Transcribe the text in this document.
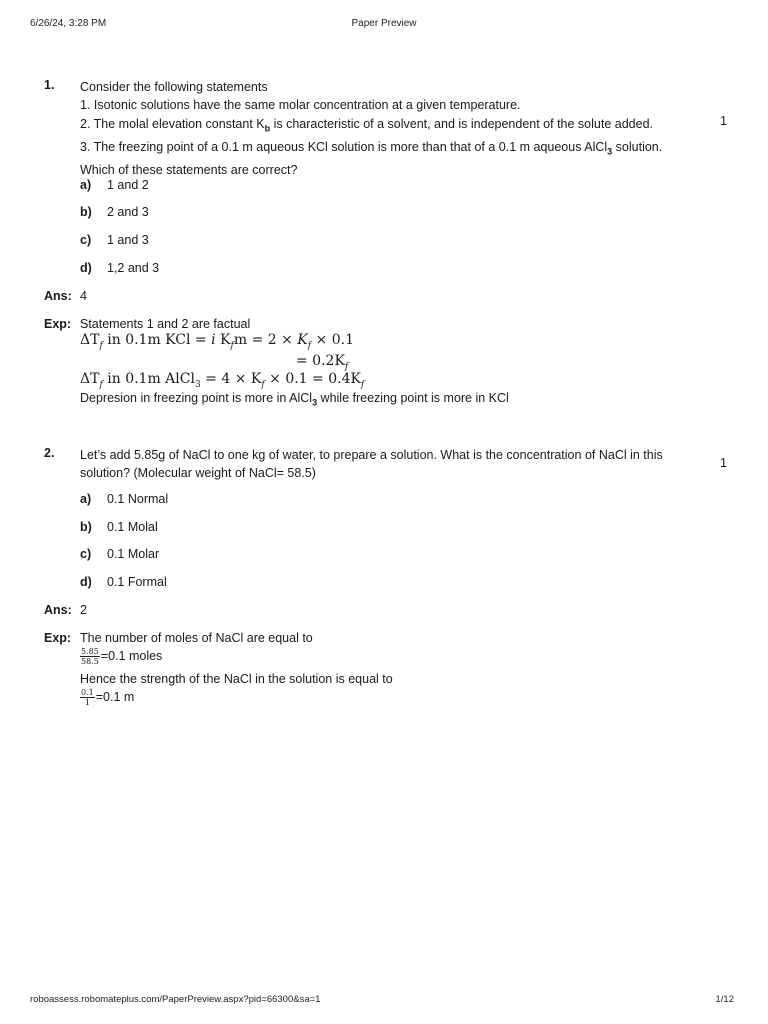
6/26/24, 3:28 PM	Paper Preview
1. Consider the following statements
1. Isotonic solutions have the same molar concentration at a given temperature.
2. The molal elevation constant $K_b$ is characteristic of a solvent, and is independent of the solute added.
3. The freezing point of a 0.1 m aqueous KCl solution is more than that of a 0.1 m aqueous AlCl$_3$ solution.
Which of these statements are correct?
1
a) 1 and 2
b) 2 and 3
c) 1 and 3
d) 1,2 and 3
Ans: 4
Exp: Statements 1 and 2 are factual
$\Delta T_f$ in 0.1m KCl = i $K_fm = 2 \times K_f \times 0.1$
= $0.2K_f$
$\Delta T_f$ in 0.1m AlCl$_3$ = $4 \times K_f \times 0.1 = 0.4K_f$
Depresion in freezing point is more in AlCl$_3$ while freezing point is more in KCl
2. Let’s add 5.85g of NaCl to one kg of water, to prepare a solution. What is the concentration of NaCl in this
solution? (Molecular weight of NaCl= 58.5)
1
a) 0.1 Normal
b) 0.1 Molal
c) 0.1 Molar
d) 0.1 Formal
Ans: 2
Exp: The number of moles of NaCl are equal to
$\frac{5.85}{58.5} =0.1$ moles
Hence the strength of the NaCl in the solution is equal to
$\frac{0.1}{1} =0.1$ m
roboassess.robomateplus.com/PaperPreview.aspx?pid=66300&sa=1	1/12
